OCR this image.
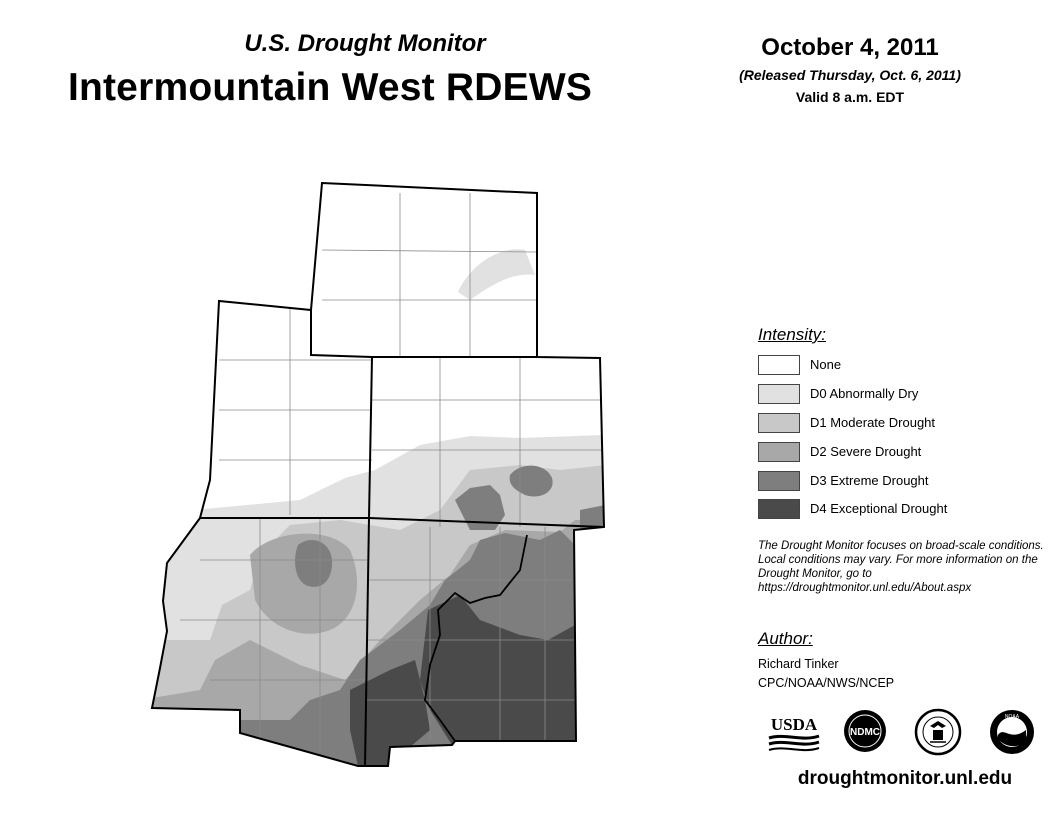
U.S. Drought Monitor
Intermountain West RDEWS
October 4, 2011
(Released Thursday, Oct. 6, 2011)
Valid 8 a.m. EDT
Intensity:
None
D0 Abnormally Dry
D1 Moderate Drought
D2 Severe Drought
D3 Extreme Drought
D4 Exceptional Drought
The Drought Monitor focuses on broad-scale conditions. Local conditions may vary. For more information on the Drought Monitor, go to https://droughtmonitor.unl.edu/About.aspx
Author:
Richard Tinker
CPC/NOAA/NWS/NCEP
USDA	NDMC
NOAA
droughtmonitor.unl.edu
